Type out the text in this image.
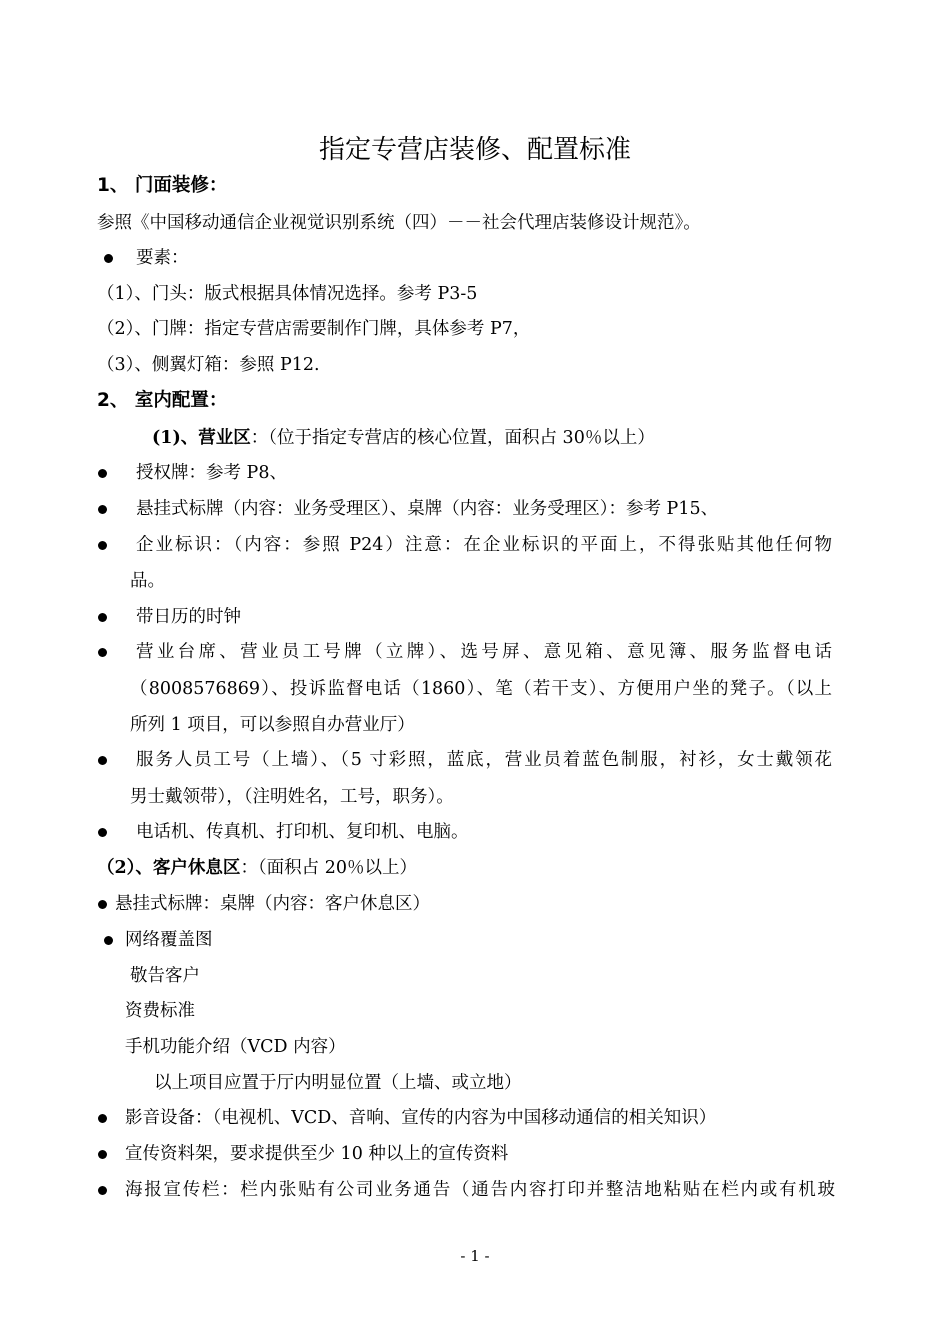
指定专营店装修、配置标准
1、 门面装修：
参照《中国移动通信企业视觉识别系统（四）－－社会代理店装修设计规范》。
要素：
（1）、门头：版式根据具体情况选择。参考 P3-5
（2）、门牌：指定专营店需要制作门牌，具体参考 P7，
（3）、侧翼灯箱：参照 P12.
2、 室内配置：
(1)、营业区：（位于指定专营店的核心位置，面积占 30％以上）
授权牌：参考 P8、
悬挂式标牌（内容：业务受理区）、桌牌（内容：业务受理区）：参考 P15、
企业标识：（内容：参照 P24）注意：在企业标识的平面上，不得张贴其他任何物
品。
带日历的时钟
营业台席、营业员工号牌（立牌）、选号屏、意见箱、意见簿、服务监督电话
（8008576869）、投诉监督电话（1860）、笔（若干支）、方便用户坐的凳子。（以上
所列 1 项目，可以参照自办营业厅）
服务人员工号（上墙）、（5 寸彩照，蓝底，营业员着蓝色制服，衬衫，女士戴领花
男士戴领带），（注明姓名，工号，职务）。
电话机、传真机、打印机、复印机、电脑。
（2）、客户休息区：（面积占 20％以上）
悬挂式标牌：桌牌（内容：客户休息区）
网络覆盖图
敬告客户
资费标准
手机功能介绍（VCD 内容）
以上项目应置于厅内明显位置（上墙、或立地）
影音设备：（电视机、VCD、音响、宣传的内容为中国移动通信的相关知识）
宣传资料架，要求提供至少 10 种以上的宣传资料
海报宣传栏：栏内张贴有公司业务通告（通告内容打印并整洁地粘贴在栏内或有机玻
- 1 -
